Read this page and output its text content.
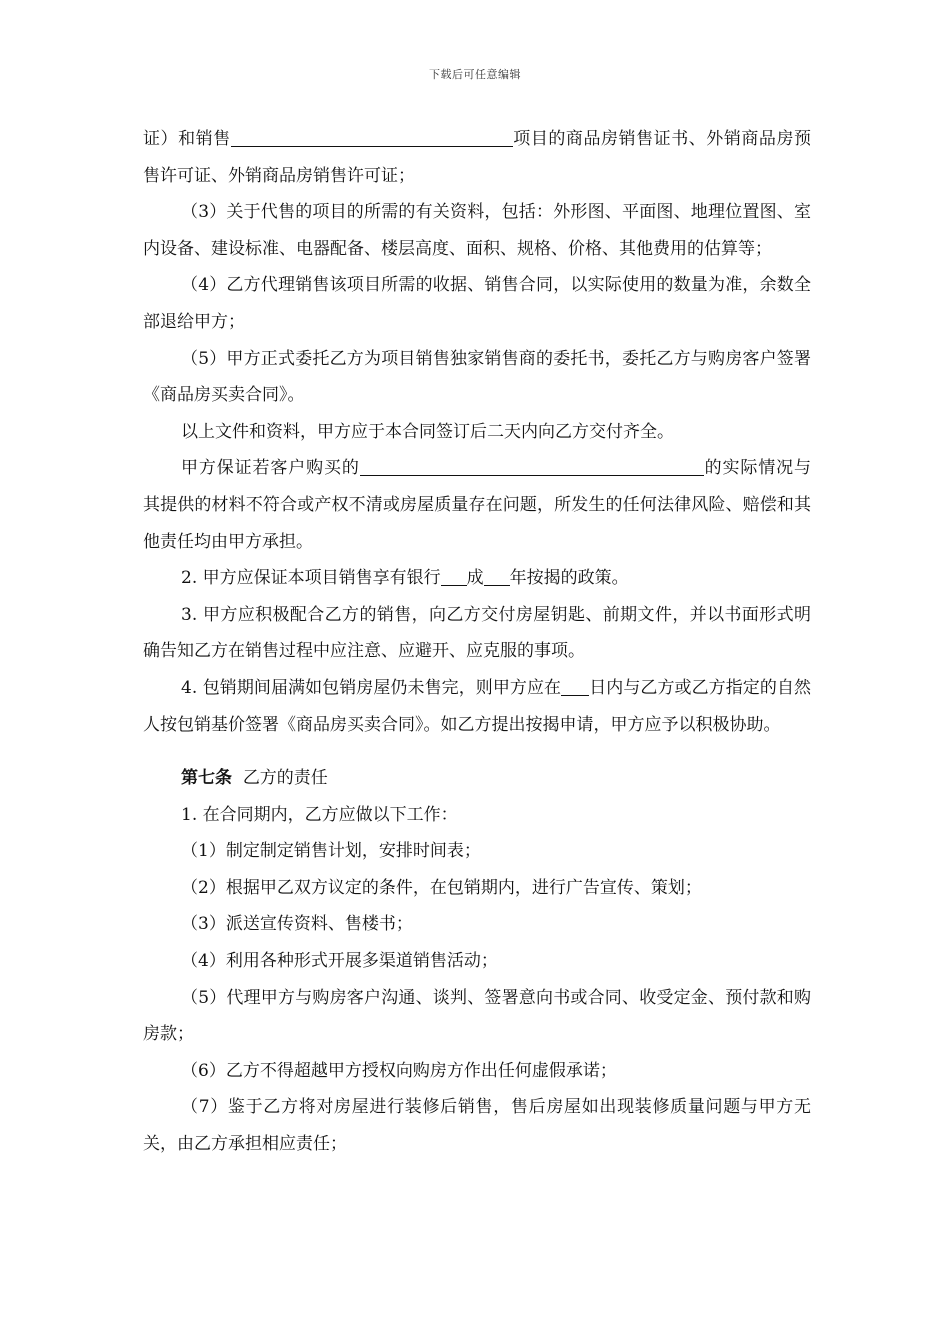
下载后可任意编辑

证）和销售	项目的商品房销售证书、外销商品房预售许可证、外销商品房销售许可证；

（3）关于代售的项目的所需的有关资料，包括：外形图、平面图、地理位置图、室内设备、建设标准、电器配备、楼层高度、面积、规格、价格、其他费用的估算等；

（4）乙方代理销售该项目所需的收据、销售合同，以实际使用的数量为准，余数全部退给甲方；

（5）甲方正式委托乙方为项目销售独家销售商的委托书，委托乙方与购房客户签署《商品房买卖合同》。

以上文件和资料，甲方应于本合同签订后二天内向乙方交付齐全。

甲方保证若客户购买的	的实际情况与其提供的材料不符合或产权不清或房屋质量存在问题，所发生的任何法律风险、赔偿和其他责任均由甲方承担。

2. 甲方应保证本项目销售享有银行 成 年按揭的政策。

3. 甲方应积极配合乙方的销售，向乙方交付房屋钥匙、前期文件，并以书面形式明确告知乙方在销售过程中应注意、应避开、应克服的事项。

4. 包销期间届满如包销房屋仍未售完，则甲方应在 日内与乙方或乙方指定的自然人按包销基价签署《商品房买卖合同》。如乙方提出按揭申请，甲方应予以积极协助。

第七条 乙方的责任

1. 在合同期内，乙方应做以下工作：

（1）制定制定销售计划，安排时间表；

（2）根据甲乙双方议定的条件，在包销期内，进行广告宣传、策划；

（3）派送宣传资料、售楼书；

（4）利用各种形式开展多渠道销售活动；

（5）代理甲方与购房客户沟通、谈判、签署意向书或合同、收受定金、预付款和购房款；

（6）乙方不得超越甲方授权向购房方作出任何虚假承诺；

（7）鉴于乙方将对房屋进行装修后销售，售后房屋如出现装修质量问题与甲方无关，由乙方承担相应责任；
